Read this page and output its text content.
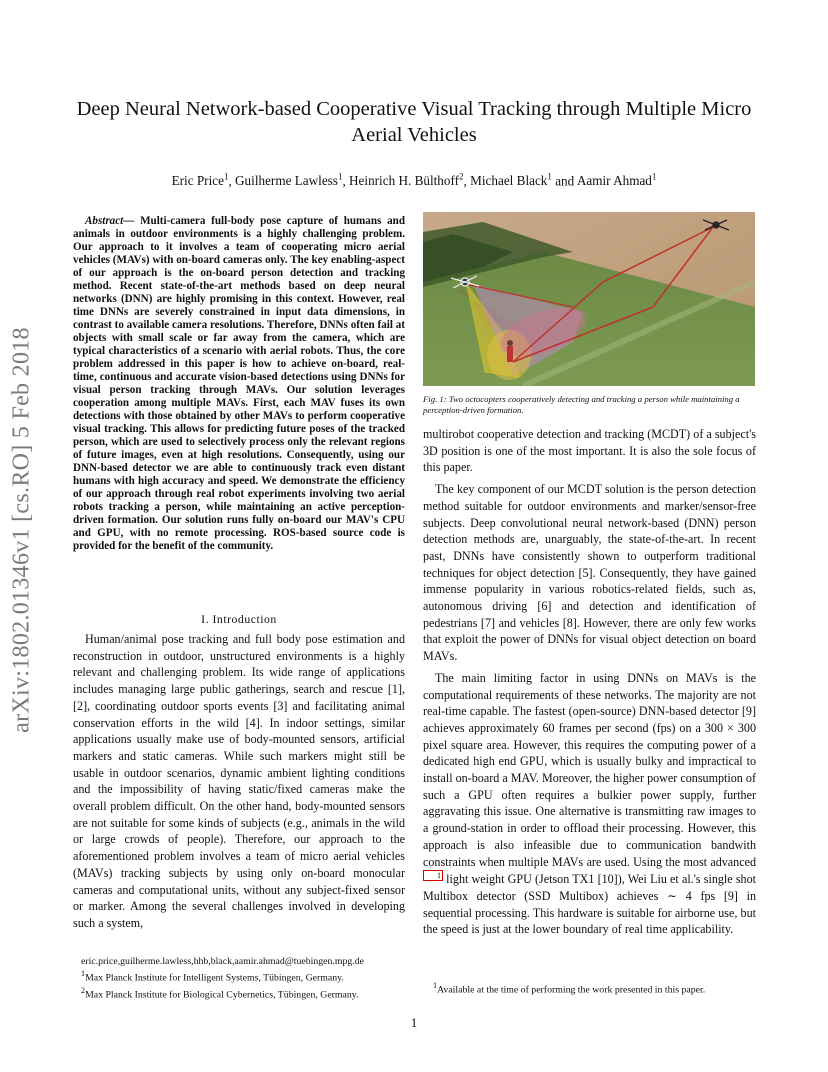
arXiv:1802.01346v1 [cs.RO] 5 Feb 2018
Deep Neural Network-based Cooperative Visual Tracking through Multiple Micro Aerial Vehicles
Eric Price$^1$, Guilherme Lawless$^1$, Heinrich H. Bülthoff$^2$, Michael Black$^1$ and Aamir Ahmad$^1$
Abstract— Multi-camera full-body pose capture of humans and animals in outdoor environments is a highly challenging problem. Our approach to it involves a team of cooperating micro aerial vehicles (MAVs) with on-board cameras only. The key enabling-aspect of our approach is the on-board person detection and tracking method. Recent state-of-the-art methods based on deep neural networks (DNN) are highly promising in this context. However, real time DNNs are severely constrained in input data dimensions, in contrast to available camera resolutions. Therefore, DNNs often fail at objects with small scale or far away from the camera, which are typical characteristics of a scenario with aerial robots. Thus, the core problem addressed in this paper is how to achieve on-board, real-time, continuous and accurate vision-based detections using DNNs for visual person tracking through MAVs. Our solution leverages cooperation among multiple MAVs. First, each MAV fuses its own detections with those obtained by other MAVs to perform cooperative visual tracking. This allows for predicting future poses of the tracked person, which are used to selectively process only the relevant regions of future images, even at high resolutions. Consequently, using our DNN-based detector we are able to continuously track even distant humans with high accuracy and speed. We demonstrate the efficiency of our approach through real robot experiments involving two aerial robots tracking a person, while maintaining an active perception-driven formation. Our solution runs fully on-board our MAV's CPU and GPU, with no remote processing. ROS-based source code is provided for the benefit of the community.
I. Introduction

Human/animal pose tracking and full body pose estimation and reconstruction in outdoor, unstructured environments is a highly relevant and challenging problem. Its wide range of applications includes managing large public gatherings, search and rescue [1], [2], coordinating outdoor sports events [3] and facilitating animal conservation efforts in the wild [4]. In indoor settings, similar applications usually make use of body-mounted sensors, artificial markers and static cameras. While such markers might still be usable in outdoor scenarios, dynamic ambient lighting conditions and the impossibility of having static/fixed cameras make the overall problem difficult. On the other hand, body-mounted sensors are not suitable for some kinds of subjects (e.g., animals in the wild or large crowds of people). Therefore, our approach to the aforementioned problem involves a team of micro aerial vehicles (MAVs) tracking subjects by using only on-board monocular cameras and computational units, without any subject-fixed sensor or marker. Among the several challenges involved in developing such a system,

Fig. 1: Two octocopters cooperatively detecting and tracking a person while maintaining a perception-driven formation.

multirobot cooperative detection and tracking (MCDT) of a subject's 3D position is one of the most important. It is also the sole focus of this paper.

The key component of our MCDT solution is the person detection method suitable for outdoor environments and marker/sensor-free subjects. Deep convolutional neural network-based (DNN) person detection methods are, unarguably, the state-of-the-art. In recent past, DNNs have consistently shown to outperform traditional techniques for object detection [5]. Consequently, they have gained immense popularity in various robotics-related fields, such as, autonomous driving [6] and detection and identification of pedestrians [7] and vehicles [8]. However, there are only few works that exploit the power of DNNs for visual object detection on board MAVs.

The main limiting factor in using DNNs on MAVs is the computational requirements of these networks. The majority are not real-time capable. The fastest (open-source) DNN-based detector [9] achieves approximately 60 frames per second (fps) on a 300 × 300 pixel square area. However, this requires the computing power of a dedicated high end GPU, which is usually bulky and impractical to install on-board a MAV. Moreover, the higher power consumption of such a GPU often requires a bulkier power supply, further aggravating this issue. One alternative is transmitting raw images to a ground-station in order to offload their processing. However, this approach is also infeasible due to communication bandwith constraints when multiple MAVs are used. Using the most advanced1 light weight GPU (Jetson TX1 [10]), Wei Liu et al.'s single shot Multibox detector (SSD Multibox) achieves ∼ 4 fps [9] in sequential processing. This hardware is suitable for airborne use, but the speed is just at the lower boundary of real time applicability.

eric.price,guilherme.lawless,hhb,black,aamir.ahmad@tuebingen.mpg.de
$^1$Max Planck Institute for Intelligent Systems, Tübingen, Germany.
$^2$Max Planck Institute for Biological Cybernetics, Tübingen, Germany.
$^1$Available at the time of performing the work presented in this paper.
1
